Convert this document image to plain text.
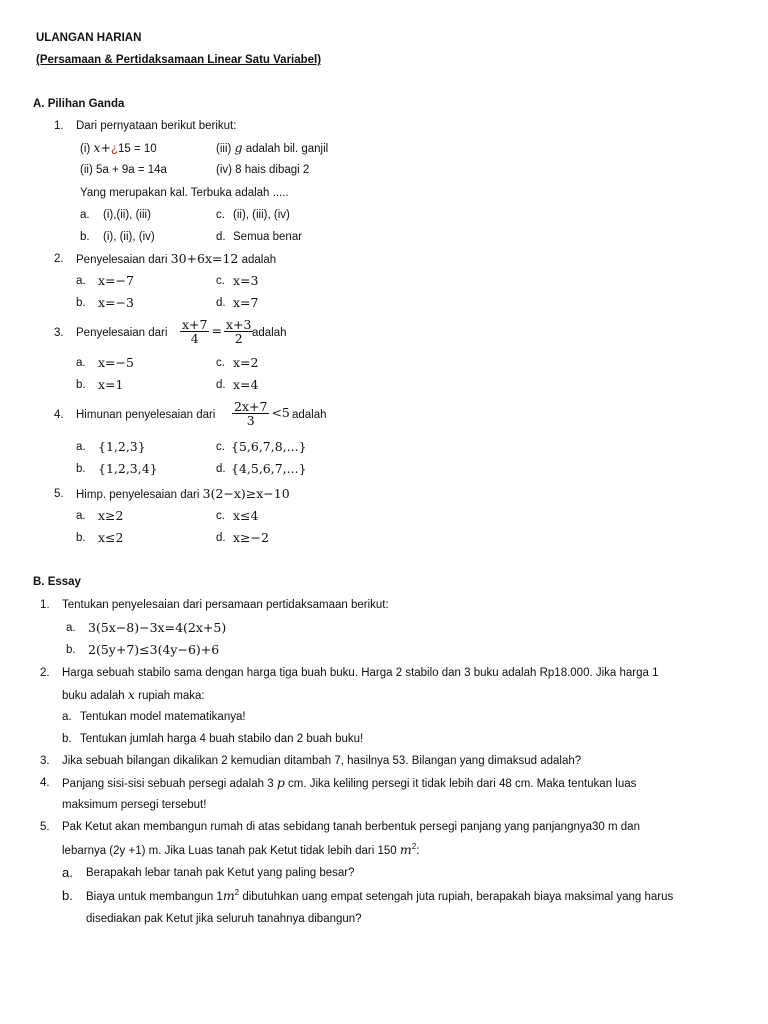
ULANGAN HARIAN
(Persamaan & Pertidaksamaan Linear Satu Variabel)
A. Pilihan Ganda
1. Dari pernyataan berikut berikut:
(i) x+¿15 = 10	(iii) g adalah bil. ganjil
(ii) 5a + 9a = 14a	(iv) 8 hais dibagi 2
Yang merupakan kal. Terbuka adalah .....
a. (i),(ii), (iii)	c. (ii), (iii), (iv)
b. (i), (ii), (iv)	d. Semua benar
2. Penyelesaian dari 30+6x=12 adalah
a. x=−7	c. x=3
b. x=−3	d. x=7
3. Penyelesaian dari $\frac{x+7}{4} = \frac{x+3}{2}$
adalah
a. x=−5	c. x=2
b. x=1	d. x=4
4. Himunan penyelesaian dari $\frac{2x+7}{3} <5$ adalah
a. {1,2,3}	c. {5,6,7,8,...}
b. {1,2,3,4}	d. {4,5,6,7,...}
5. Himp. penyelesaian dari 3(2−x)≥x−10
a. x≥2	c. x≤4
b. x≤2	d. x≥−2
B. Essay
1. Tentukan penyelesaian dari persamaan pertidaksamaan berikut:
a. 3(5x−8)−3x=4(2x+5)
b. 2(5y+7)≤3(4y−6)+6
2. Harga sebuah stabilo sama dengan harga tiga buah buku. Harga 2 stabilo dan 3 buku adalah Rp18.000. Jika harga 1
buku adalah x rupiah maka:
a. Tentukan model matematikanya!
b. Tentukan jumlah harga 4 buah stabilo dan 2 buah buku!
3. Jika sebuah bilangan dikalikan 2 kemudian ditambah 7, hasilnya 53. Bilangan yang dimaksud adalah?
4. Panjang sisi-sisi sebuah persegi adalah 3 p cm. Jika keliling persegi it tidak lebih dari 48 cm. Maka tentukan luas
maksimum persegi tersebut!
5. Pak Ketut akan membangun rumah di atas sebidang tanah berbentuk persegi panjang yang panjangnya30 m dan
lebarnya (2y +1) m. Jika Luas tanah pak Ketut tidak lebih dari 150 $m^2$:
a. Berapakah lebar tanah pak Ketut yang paling besar?
b. Biaya untuk membangun $1m^2$ dibutuhkan uang empat setengah juta rupiah, berapakah biaya maksimal yang harus
disediakan pak Ketut jika seluruh tanahnya dibangun?
